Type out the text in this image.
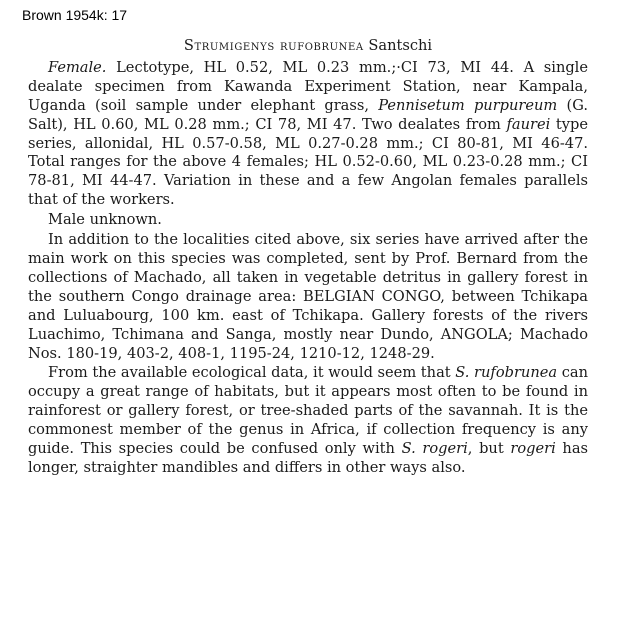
Brown 1954k: 17
Strumigenys rufobrunea Santschi

Female. Lectotype, HL 0.52, ML 0.23 mm.;·CI 73, MI 44. A single dealate specimen from Kawanda Experiment Station, near Kampala, Uganda (soil sample under elephant grass, Pennisetum purpureum (G. Salt), HL 0.60, ML 0.28 mm.; CI 78, MI 47. Two dealates from faurei type series, allonidal, HL 0.57-0.58, ML 0.27-0.28 mm.; CI 80-81, MI 46-47. Total ranges for the above 4 females; HL 0.52-0.60, ML 0.23-0.28 mm.; CI 78-81, MI 44-47. Variation in these and a few Angolan females parallels that of the workers.

Male unknown.

In addition to the localities cited above, six series have arrived after the main work on this species was completed, sent by Prof. Bernard from the collections of Machado, all taken in vegetable detritus in gallery forest in the southern Congo drainage area: BELGIAN CONGO, between Tchikapa and Luluabourg, 100 km. east of Tchikapa. Gallery forests of the rivers Luachimo, Tchimana and Sanga, mostly near Dundo, ANGOLA; Machado Nos. 180-19, 403-2, 408-1, 1195-24, 1210-12, 1248-29.

From the available ecological data, it would seem that S. rufobrunea can occupy a great range of habitats, but it appears most often to be found in rainforest or gallery forest, or tree-shaded parts of the savannah. It is the commonest member of the genus in Africa, if collection frequency is any guide. This species could be confused only with S. rogeri, but rogeri has longer, straighter mandibles and differs in other ways also.
